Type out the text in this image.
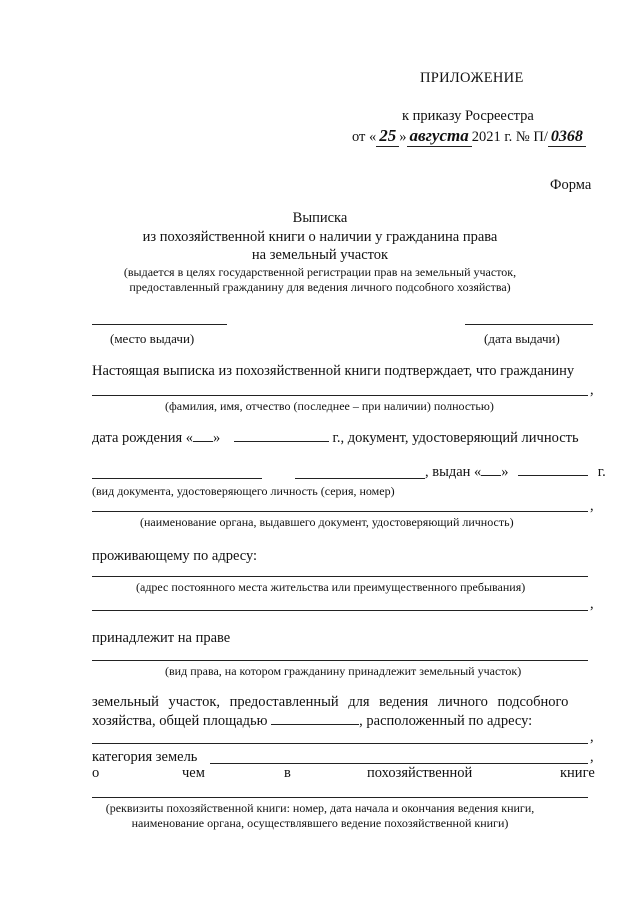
ПРИЛОЖЕНИЕ
к приказу Росреестра
от « 25 » августа 2021 г. № П/ 0368
Форма
Выписка
из похозяйственной книги о наличии у гражданина права
на земельный участок
(выдается в целях государственной регистрации прав на земельный участок,
предоставленный гражданину для ведения личного подсобного хозяйства)
(место выдачи)	(дата выдачи)
Настоящая выписка из похозяйственной книги подтверждает, что гражданину
,
(фамилия, имя, отчество (последнее – при наличии) полностью)
дата рождения « »	г., документ, удостоверяющий личность
, выдан « »	г.
(вид документа, удостоверяющего личность (серия, номер)
,
(наименование органа, выдавшего документ, удостоверяющий личность)
проживающему по адресу:
(адрес постоянного места жительства или преимущественного пребывания)
,
принадлежит на праве
(вид права, на котором гражданину принадлежит земельный участок)
земельный участок, предоставленный для ведения личного подсобного
хозяйства, общей площадью	, расположенный по адресу:
,
категория земель	,
о	чем	в	похозяйственной	книге
(реквизиты похозяйственной книги: номер, дата начала и окончания ведения книги,
наименование органа, осуществлявшего ведение похозяйственной книги)
